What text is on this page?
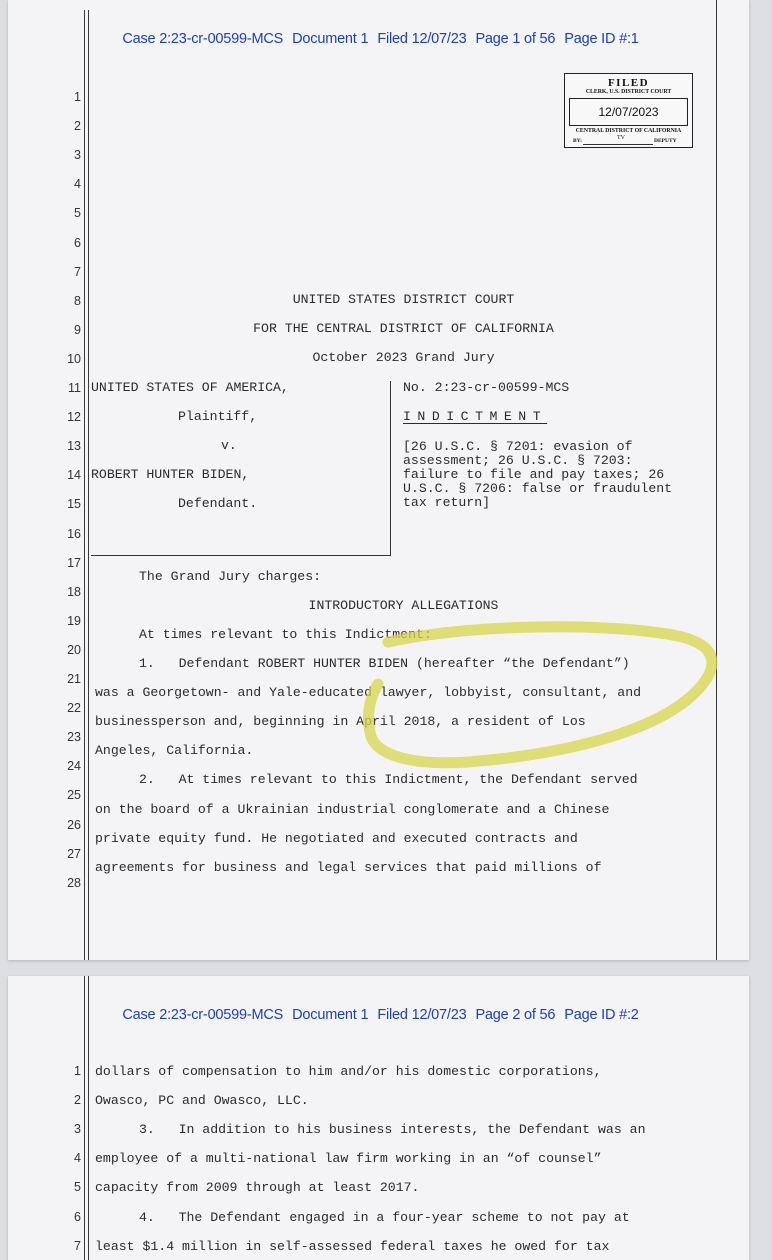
Case 2:23-cr-00599-MCS Document 1 Filed 12/07/23 Page 1 of 56 Page ID #:1

FILED
CLERK, U.S. DISTRICT COURT
12/07/2023
CENTRAL DISTRICT OF CALIFORNIA
BY:	TV	DEPUTY
1
2
3
4
5
6
7
8
9
10
11
12
13
14
15
16
17
18
19
20
21
22
23
24
25
26
27
28
UNITED STATES DISTRICT COURT
FOR THE CENTRAL DISTRICT OF CALIFORNIA
October 2023 Grand Jury
UNITED STATES OF AMERICA,
Plaintiff,
v.
ROBERT HUNTER BIDEN,
Defendant.
No. 2:23-cr-00599-MCS
INDICTMENT
[26 U.S.C. § 7201: evasion of
assessment; 26 U.S.C. § 7203:
failure to file and pay taxes; 26
U.S.C. § 7206: false or fraudulent
tax return]
The Grand Jury charges:
INTRODUCTORY ALLEGATIONS
At times relevant to this Indictment:
1.   Defendant ROBERT HUNTER BIDEN (hereafter “the Defendant”)
was a Georgetown- and Yale-educated lawyer, lobbyist, consultant, and
businessperson and, beginning in April 2018, a resident of Los
Angeles, California.
2.   At times relevant to this Indictment, the Defendant served
on the board of a Ukrainian industrial conglomerate and a Chinese
private equity fund. He negotiated and executed contracts and
agreements for business and legal services that paid millions of

Case 2:23-cr-00599-MCS Document 1 Filed 12/07/23 Page 2 of 56 Page ID #:2

1
2
3
4
5
6
7
dollars of compensation to him and/or his domestic corporations,
Owasco, PC and Owasco, LLC.
3.   In addition to his business interests, the Defendant was an
employee of a multi-national law firm working in an “of counsel”
capacity from 2009 through at least 2017.
4.   The Defendant engaged in a four-year scheme to not pay at
least $1.4 million in self-assessed federal taxes he owed for tax
